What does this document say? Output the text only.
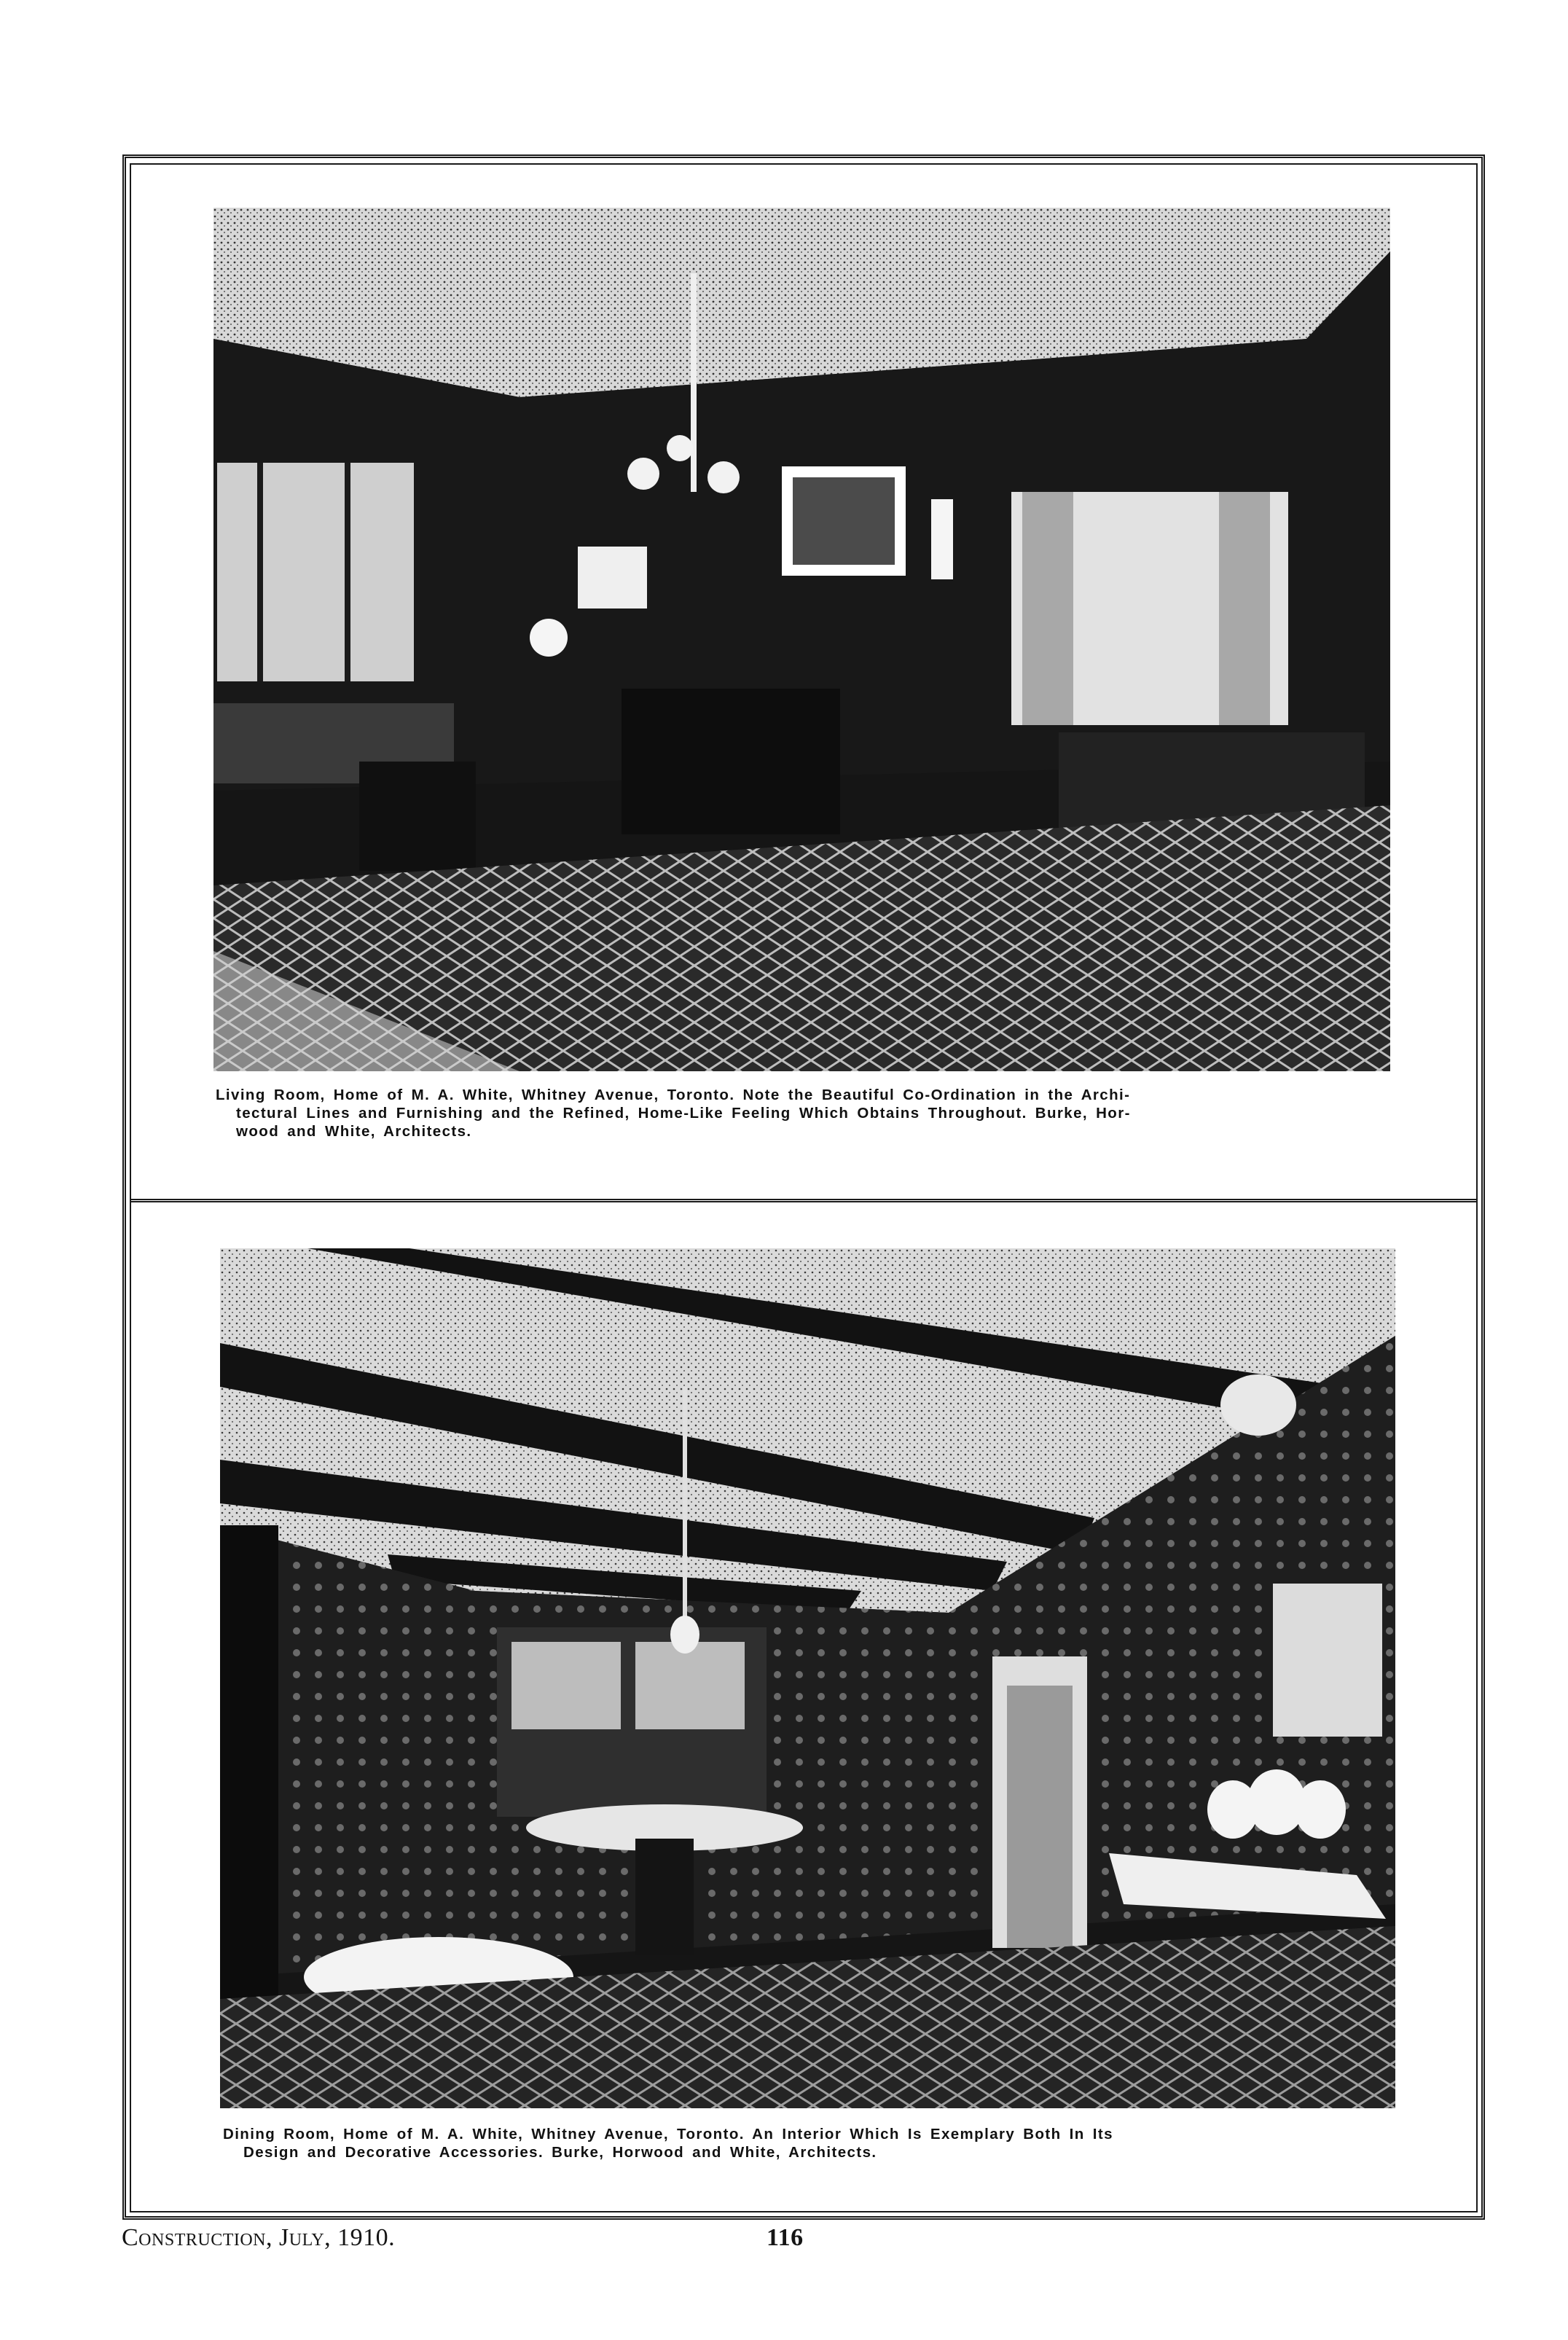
Living Room, Home of M. A. White, Whitney Avenue, Toronto. Note the Beautiful Co-Ordination in the Archi-
tectural Lines and Furnishing and the Refined, Home-Like Feeling Which Obtains Throughout. Burke, Hor-
wood and White, Architects.
Dining Room, Home of M. A. White, Whitney Avenue, Toronto. An Interior Which Is Exemplary Both In Its
Design and Decorative Accessories. Burke, Horwood and White, Architects.
Construction, July, 1910.	116
